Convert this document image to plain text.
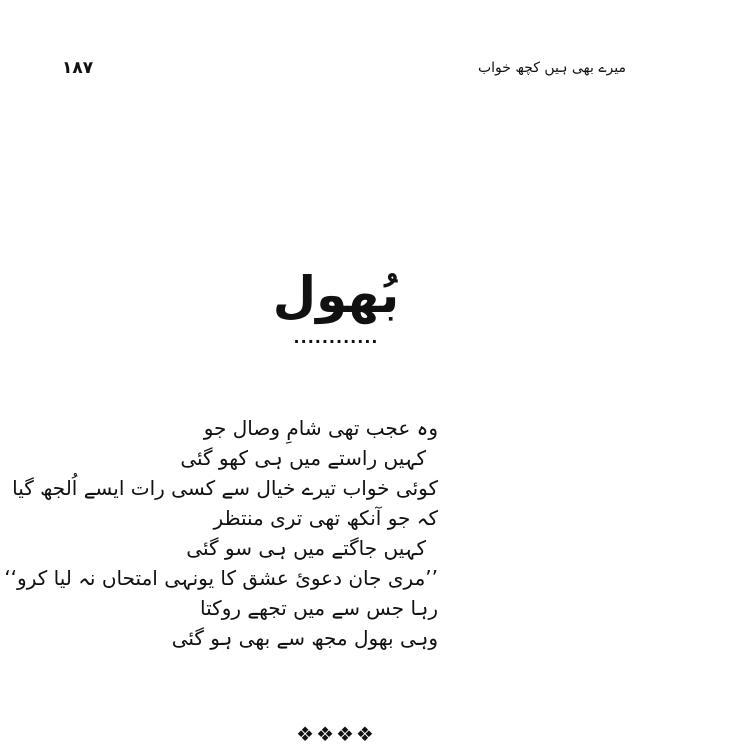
۱۸۷	میرے بھی ہیں کچھ خواب
بُھول
............
وہ عجب تھی شامِ وصال جو
کہیں راستے میں ہی کھو گئی
کوئی خواب تیرے خیال سے کسی رات ایسے اُلجھ گیا
کہ جو آنکھ تھی تری منتظر
کہیں جاگتے میں ہی سو گئی
’’مری جان دعوئ عشق کا یونہی امتحاں نہ لیا کرو‘‘
رہا جس سے میں تجھے روکتا
وہی بھول مجھ سے بھی ہو گئی
❖❖❖❖
